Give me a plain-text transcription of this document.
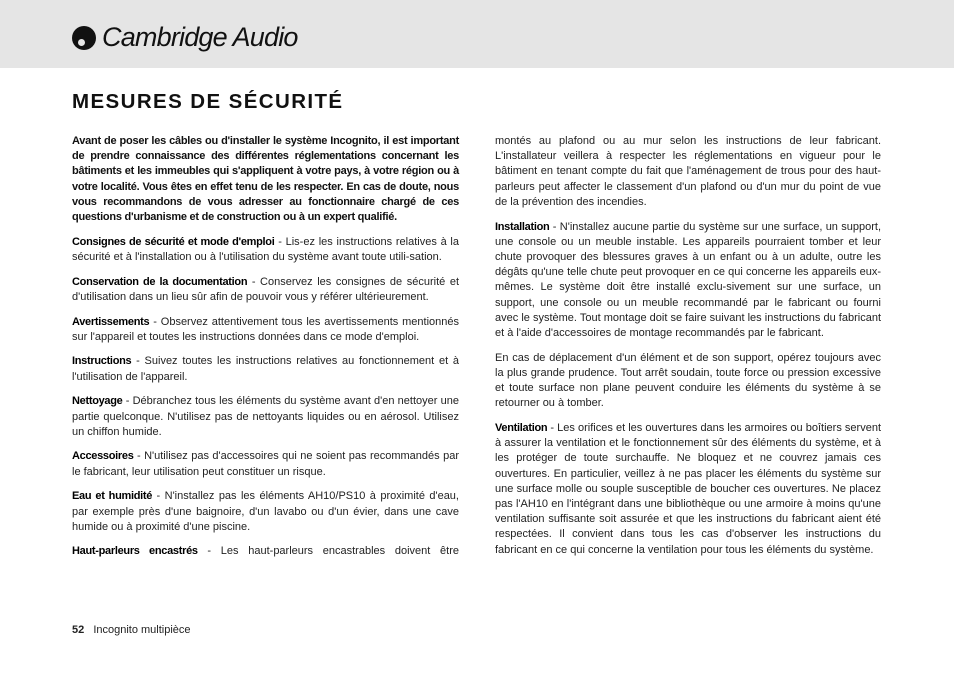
Cambridge Audio
MESURES DE SÉCURITÉ

Avant de poser les câbles ou d'installer le système Incognito, il est important de prendre connaissance des différentes réglementations concernant les bâtiments et les immeubles qui s'appliquent à votre pays, à votre région ou à votre localité. Vous êtes en effet tenu de les respecter. En cas de doute, nous vous recommandons de vous adresser au fonctionnaire chargé de ces questions d'urbanisme et de construction ou à un expert qualifié.

Consignes de sécurité et mode d'emploi - Lis-ez les instructions relatives à la sécurité et à l'installation ou à l'utilisation du système avant toute utili-sation.

Conservation de la documentation - Conservez les consignes de sécurité et d'utilisation dans un lieu sûr afin de pouvoir vous y référer ultérieurement.

Avertissements - Observez attentivement tous les avertissements mentionnés sur l'appareil et toutes les instructions données dans ce mode d'emploi.

Instructions - Suivez toutes les instructions relatives au fonctionnement et à l'utilisation de l'appareil.

Nettoyage - Débranchez tous les éléments du système avant d'en nettoyer une partie quelconque. N'utilisez pas de nettoyants liquides ou en aérosol. Utilisez un chiffon humide.

Accessoires - N'utilisez pas d'accessoires qui ne soient pas recommandés par le fabricant, leur utilisation peut constituer un risque.

Eau et humidité - N'installez pas les éléments AH10/PS10 à proximité d'eau, par exemple près d'une baignoire, d'un lavabo ou d'un évier, dans une cave humide ou à proximité d'une piscine.

Haut-parleurs encastrés - Les haut-parleurs encastrables doivent être

montés au plafond ou au mur selon les instructions de leur fabricant. L'installateur veillera à respecter les réglementations en vigueur pour le bâtiment en tenant compte du fait que l'aménagement de trous pour des haut-parleurs peut affecter le classement d'un plafond ou d'un mur du point de vue de la prévention des incendies.

Installation - N'installez aucune partie du système sur une surface, un support, une console ou un meuble instable. Les appareils pourraient tomber et leur chute provoquer des blessures graves à un enfant ou à un adulte, outre les dégâts qu'une telle chute peut provoquer en ce qui concerne les appareils eux-mêmes. Le système doit être installé exclu-sivement sur une surface, un support, une console ou un meuble recommandé par le fabricant ou fourni avec le système. Tout montage doit se faire suivant les instructions du fabricant et à l'aide d'accessoires de montage recommandés par le fabricant.

En cas de déplacement d'un élément et de son support, opérez toujours avec la plus grande prudence. Tout arrêt soudain, toute force ou pression excessive et toute surface non plane peuvent conduire les éléments du système à se retourner ou à tomber.

Ventilation - Les orifices et les ouvertures dans les armoires ou boîtiers servent à assurer la ventilation et le fonctionnement sûr des éléments du système, et à les protéger de toute surchauffe. Ne bloquez et ne couvrez jamais ces ouvertures. En particulier, veillez à ne pas placer les éléments du système sur une surface molle ou souple susceptible de boucher ces ouvertures. Ne placez pas l'AH10 en l'intégrant dans une bibliothèque ou une armoire à moins qu'une ventilation suffisante soit assurée et que les instructions du fabricant aient été respectées. Il convient dans tous les cas d'observer les instructions du fabricant en ce qui concerne la ventilation pour tous les éléments du système.

52 Incognito multipièce
